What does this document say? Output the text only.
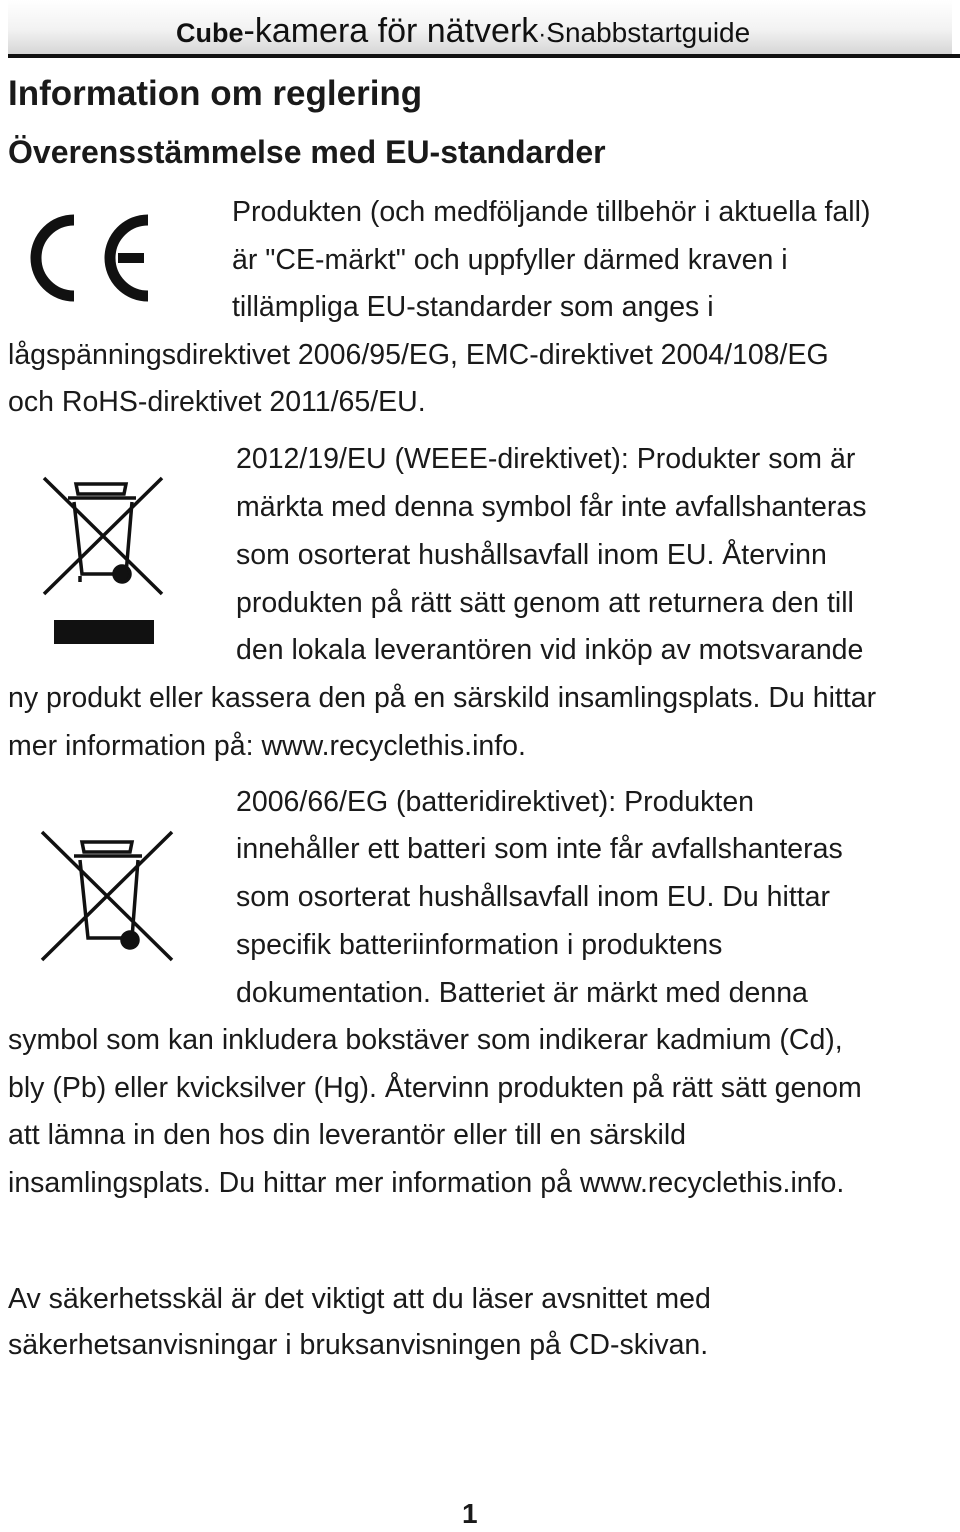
Cube-kamera för nätverk·Snabbstartguide
Information om reglering
Överensstämmelse med EU-standarder
Produkten (och medföljande tillbehör i aktuella fall)
är "CE-märkt" och uppfyller därmed kraven i
tillämpliga EU-standarder som anges i
lågspänningsdirektivet 2006/95/EG, EMC-direktivet 2004/108/EG
och RoHS-direktivet 2011/65/EU.
2012/19/EU (WEEE-direktivet): Produkter som är
märkta med denna symbol får inte avfallshanteras
som osorterat hushållsavfall inom EU. Återvinn
produkten på rätt sätt genom att returnera den till
den lokala leverantören vid inköp av motsvarande
ny produkt eller kassera den på en särskild insamlingsplats. Du hittar
mer information på: www.recyclethis.info.
2006/66/EG (batteridirektivet): Produkten
innehåller ett batteri som inte får avfallshanteras
som osorterat hushållsavfall inom EU. Du hittar
specifik batteriinformation i produktens
dokumentation. Batteriet är märkt med denna
symbol som kan inkludera bokstäver som indikerar kadmium (Cd),
bly (Pb) eller kvicksilver (Hg). Återvinn produkten på rätt sätt genom
att lämna in den hos din leverantör eller till en särskild
insamlingsplats. Du hittar mer information på www.recyclethis.info.
Av säkerhetsskäl är det viktigt att du läser avsnittet med
säkerhetsanvisningar i bruksanvisningen på CD-skivan.
1
